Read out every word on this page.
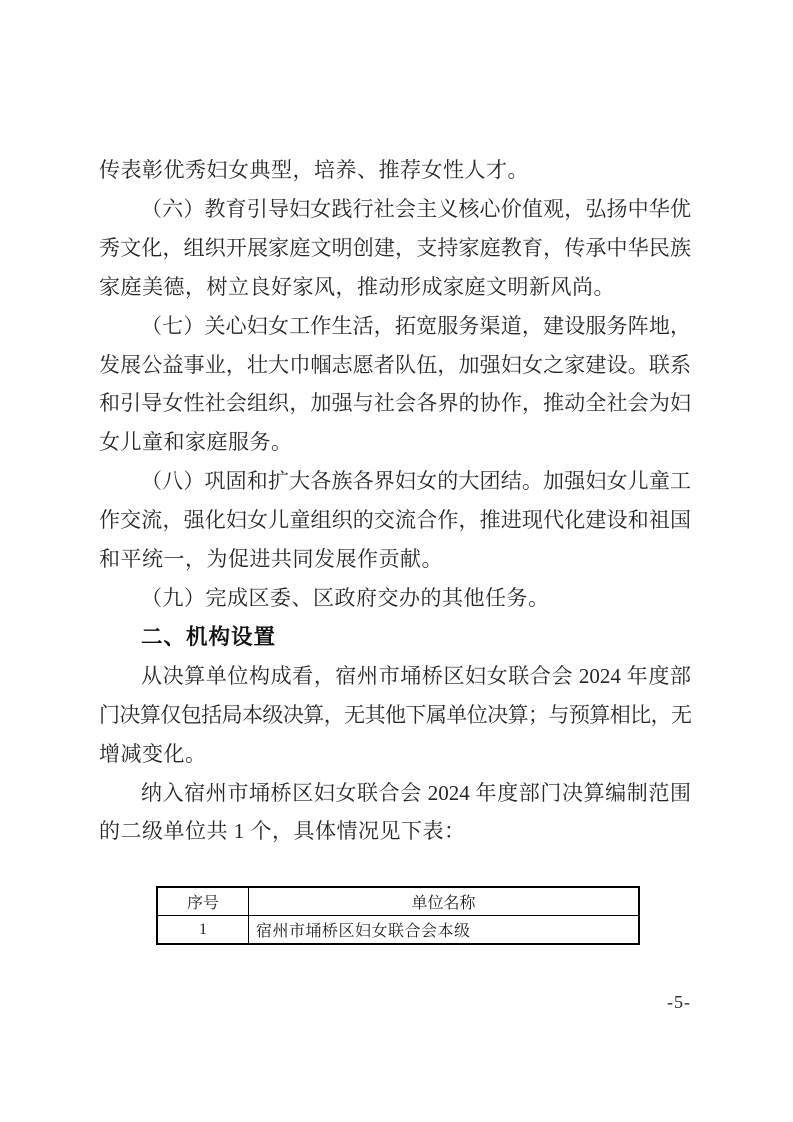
传表彰优秀妇女典型，培养、推荐女性人才。
（六）教育引导妇女践行社会主义核心价值观，弘扬中华优
秀文化，组织开展家庭文明创建，支持家庭教育，传承中华民族
家庭美德，树立良好家风，推动形成家庭文明新风尚。
（七）关心妇女工作生活，拓宽服务渠道，建设服务阵地，
发展公益事业，壮大巾帼志愿者队伍，加强妇女之家建设。联系
和引导女性社会组织，加强与社会各界的协作，推动全社会为妇
女儿童和家庭服务。
（八）巩固和扩大各族各界妇女的大团结。加强妇女儿童工
作交流，强化妇女儿童组织的交流合作，推进现代化建设和祖国
和平统一，为促进共同发展作贡献。
（九）完成区委、区政府交办的其他任务。
二、机构设置
从决算单位构成看，宿州市埇桥区妇女联合会 2024 年度部
门决算仅包括局本级决算，无其他下属单位决算；与预算相比，无
增减变化。
纳入宿州市埇桥区妇女联合会 2024 年度部门决算编制范围
的二级单位共 1 个，具体情况见下表：
序号	单位名称
1	宿州市埇桥区妇女联合会本级
-5-
